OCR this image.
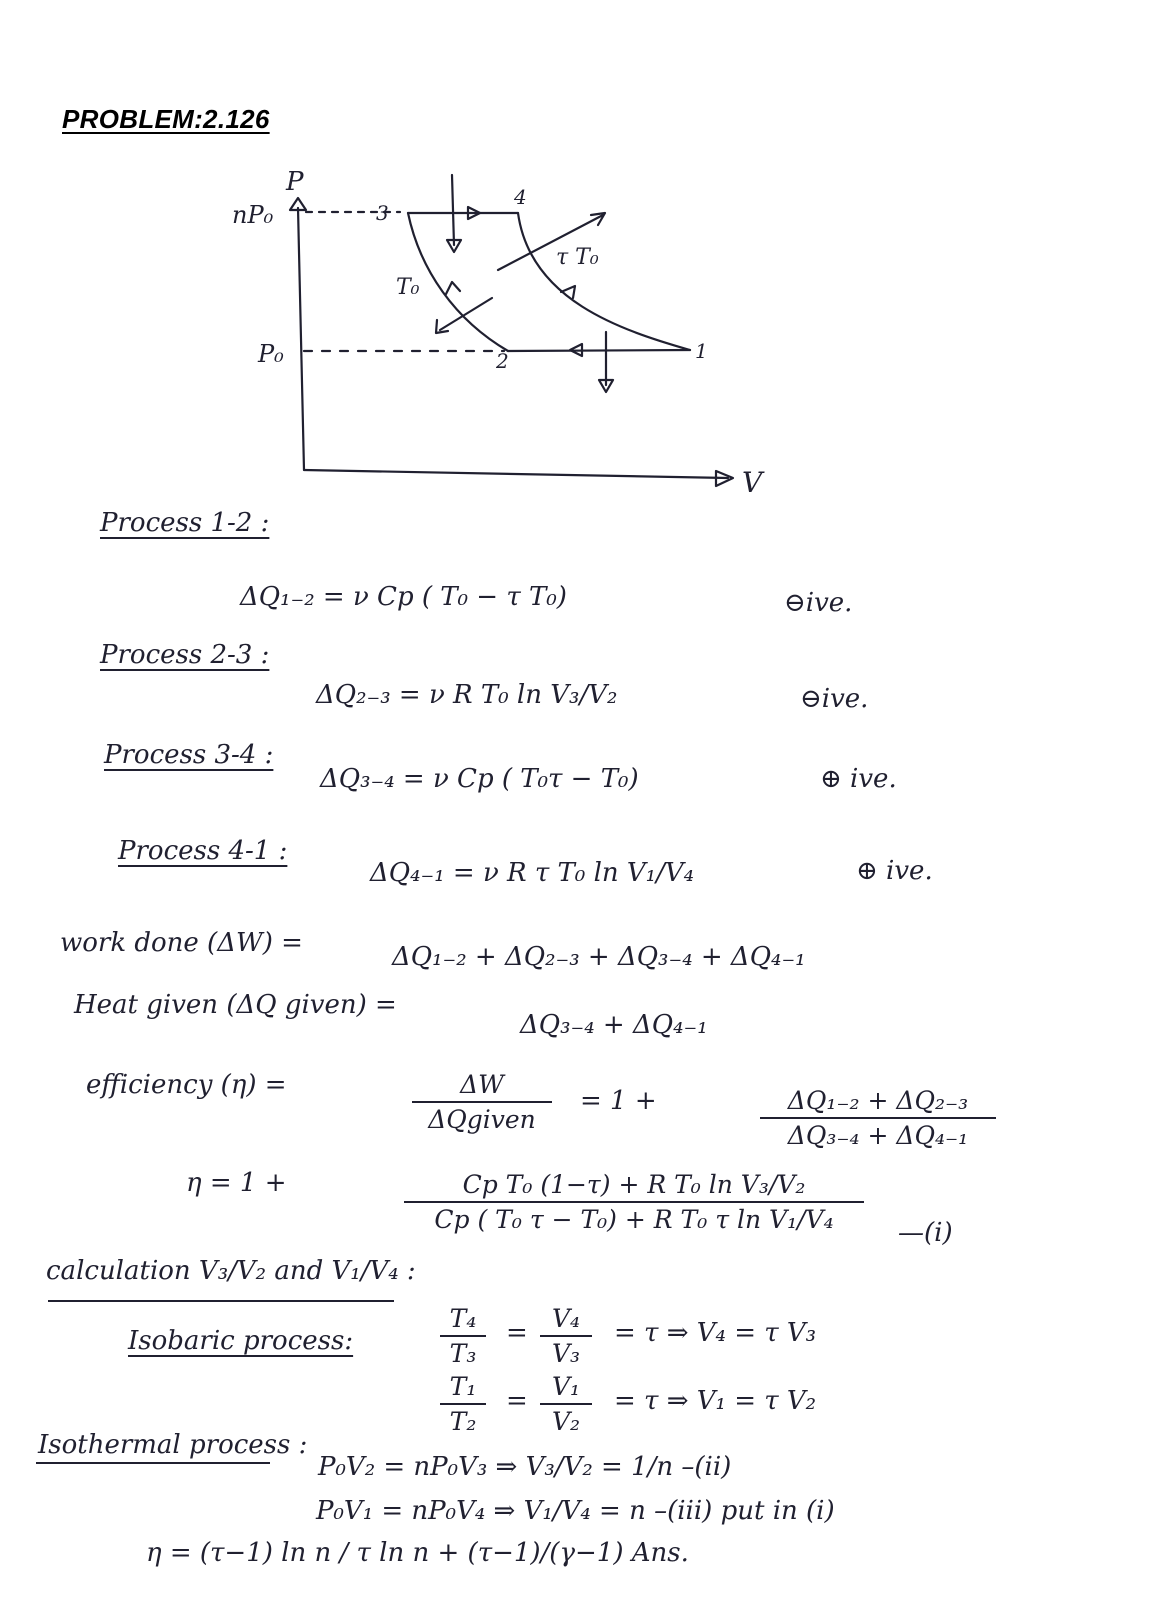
PROBLEM:2.126
P
V
nP₀
P₀
3
4
2	1
T₀
τ T₀
Process 1-2 :
ΔQ₁₋₂ = ν Cp ( T₀ − τ T₀)	⊖ive.
Process 2-3 :
ΔQ₂₋₃ = ν R T₀ ln V₃/V₂	⊖ive.
Process 3-4 :
ΔQ₃₋₄ = ν Cp ( T₀τ − T₀)	⊕ ive.
Process 4-1 :
ΔQ₄₋₁ = ν R τ T₀ ln V₁/V₄	⊕ ive.
work done (ΔW) =	ΔQ₁₋₂ + ΔQ₂₋₃ + ΔQ₃₋₄ + ΔQ₄₋₁
Heat given (ΔQ given) =
ΔQ₃₋₄ + ΔQ₄₋₁
efficiency (η) =	ΔW
ΔQgiven
= 1 +	ΔQ₁₋₂ + ΔQ₂₋₃
ΔQ₃₋₄ + ΔQ₄₋₁
η = 1 +	Cp T₀ (1−τ) + R T₀ ln V₃/V₂
Cp ( T₀ τ − T₀) + R T₀ τ ln V₁/V₄ —(i)
calculation V₃/V₂ and V₁/V₄ :
Isobaric process:
T₄
T₃
= V₄
V₃
= τ ⇒ V₄ = τ V₃
T₁
T₂
= V₁
V₂
= τ ⇒ V₁ = τ V₂
Isothermal process :
P₀V₂ = nP₀V₃ ⇒ V₃/V₂ = 1/n –(ii)
P₀V₁ = nP₀V₄ ⇒ V₁/V₄ = n –(iii) put in (i)
η = (τ−1) ln n / τ ln n + (τ−1)/(γ−1) Ans.
